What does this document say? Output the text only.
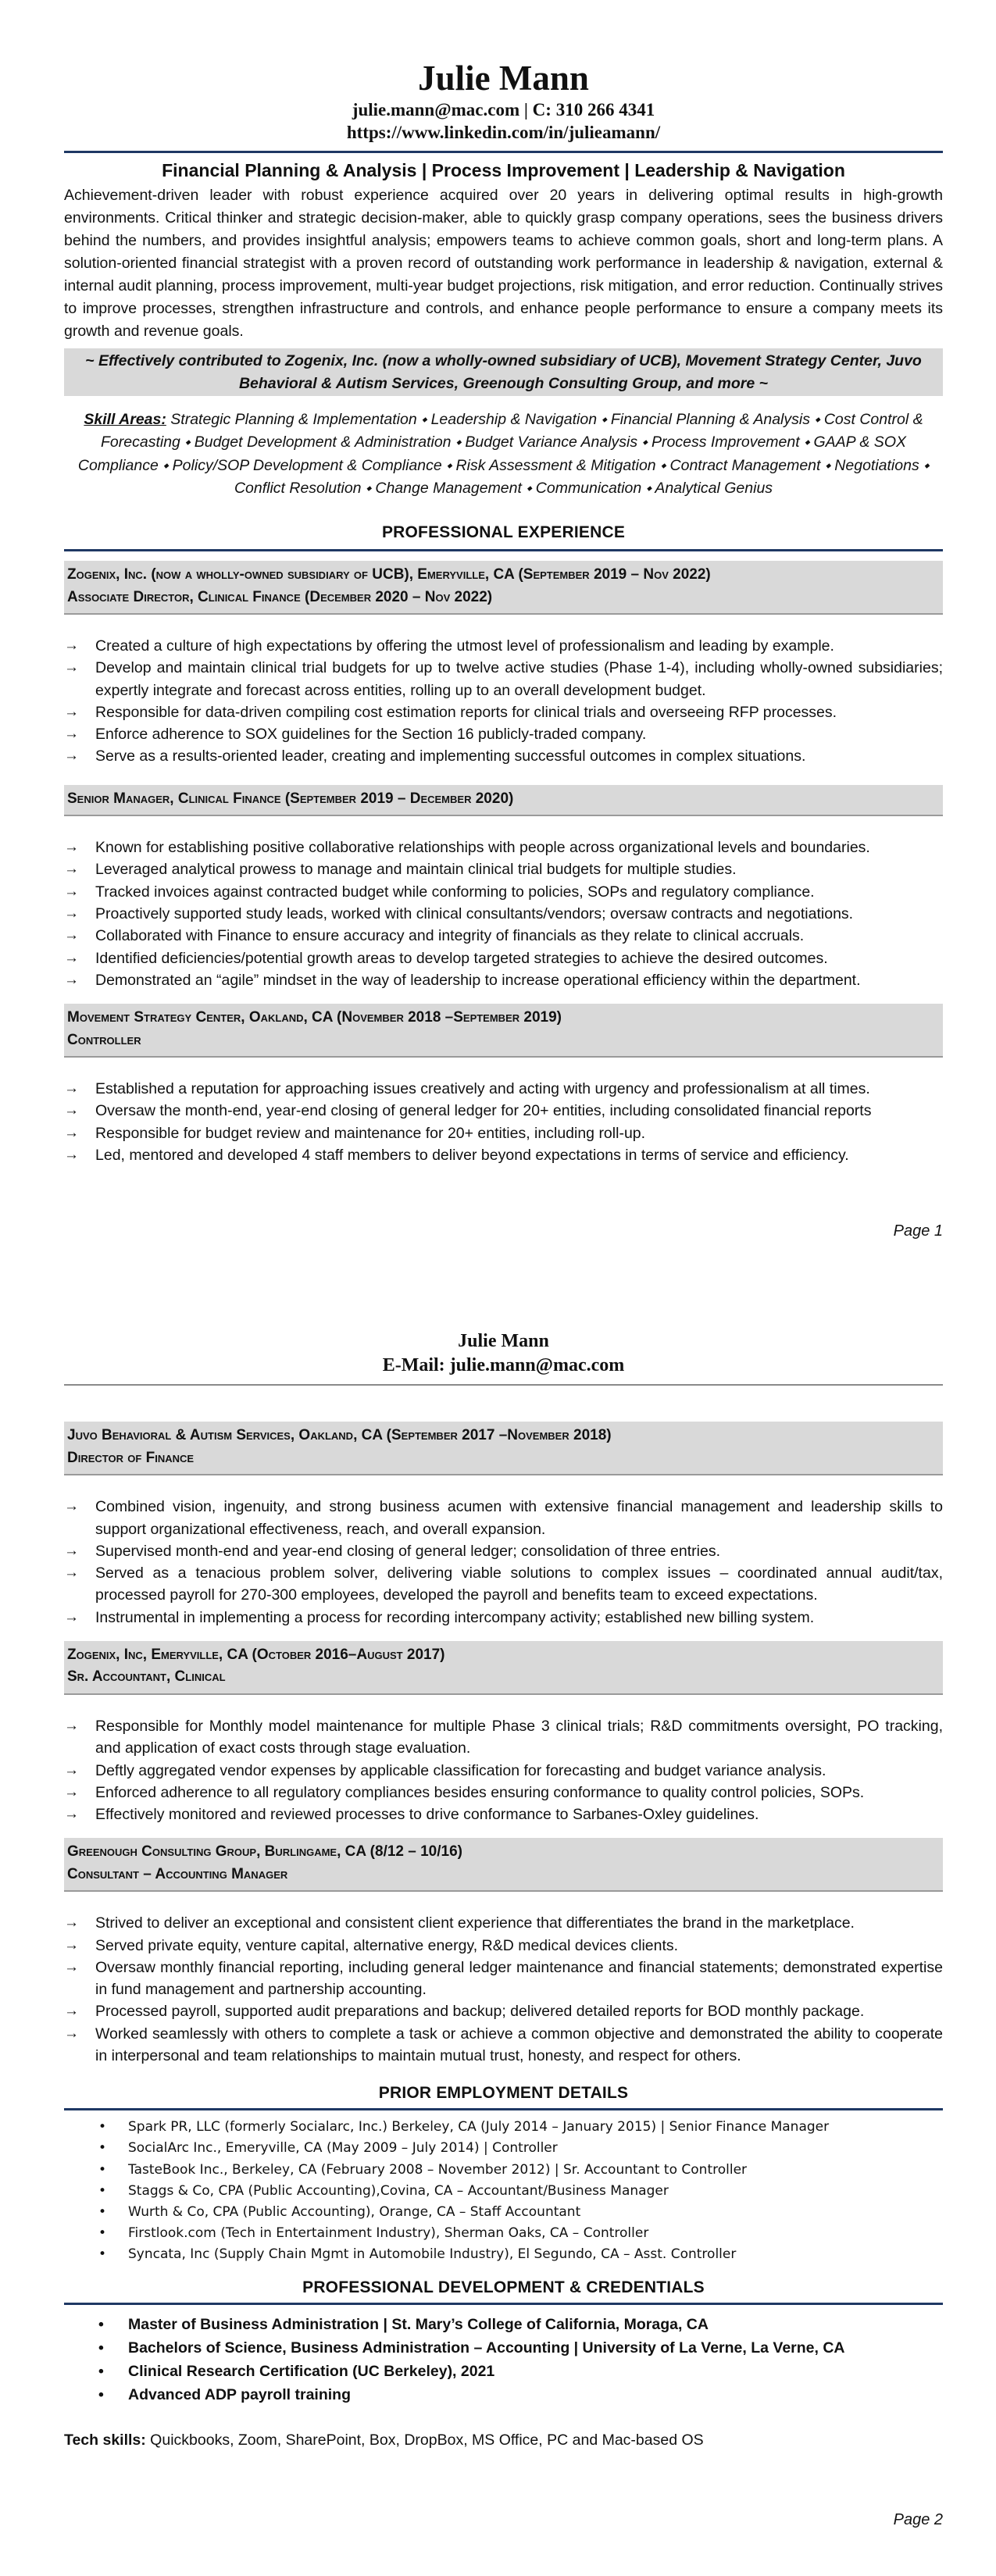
Julie Mann
julie.mann@mac.com | C: 310 266 4341
https://www.linkedin.com/in/julieamann/
Financial Planning & Analysis | Process Improvement | Leadership & Navigation
Achievement-driven leader with robust experience acquired over 20 years in delivering optimal results in high-growth environments. Critical thinker and strategic decision-maker, able to quickly grasp company operations, sees the business drivers behind the numbers, and provides insightful analysis; empowers teams to achieve common goals, short and long-term plans. A solution-oriented financial strategist with a proven record of outstanding work performance in leadership & navigation, external & internal audit planning, process improvement, multi-year budget projections, risk mitigation, and error reduction. Continually strives to improve processes, strengthen infrastructure and controls, and enhance people performance to ensure a company meets its growth and revenue goals.
~ Effectively contributed to Zogenix, Inc. (now a wholly-owned subsidiary of UCB), Movement Strategy Center, Juvo Behavioral & Autism Services, Greenough Consulting Group, and more ~
Skill Areas: Strategic Planning & Implementation ⬩ Leadership & Navigation ⬩ Financial Planning & Analysis ⬩ Cost Control & Forecasting ⬩ Budget Development & Administration ⬩ Budget Variance Analysis ⬩ Process Improvement ⬩ GAAP & SOX Compliance ⬩ Policy/SOP Development & Compliance ⬩ Risk Assessment & Mitigation ⬩ Contract Management ⬩ Negotiations ⬩ Conflict Resolution ⬩ Change Management ⬩ Communication ⬩ Analytical Genius
PROFESSIONAL EXPERIENCE
Zogenix, Inc. (now a wholly-owned subsidiary of UCB), Emeryville, CA (September 2019 – Nov 2022)
Associate Director, Clinical Finance (December 2020 – Nov 2022)
→ Created a culture of high expectations by offering the utmost level of professionalism and leading by example.
→ Develop and maintain clinical trial budgets for up to twelve active studies (Phase 1-4), including wholly-owned subsidiaries; expertly integrate and forecast across entities, rolling up to an overall development budget.
→ Responsible for data-driven compiling cost estimation reports for clinical trials and overseeing RFP processes.
→ Enforce adherence to SOX guidelines for the Section 16 publicly-traded company.
→ Serve as a results-oriented leader, creating and implementing successful outcomes in complex situations.
Senior Manager, Clinical Finance (September 2019 – December 2020)
→ Known for establishing positive collaborative relationships with people across organizational levels and boundaries.
→ Leveraged analytical prowess to manage and maintain clinical trial budgets for multiple studies.
→ Tracked invoices against contracted budget while conforming to policies, SOPs and regulatory compliance.
→ Proactively supported study leads, worked with clinical consultants/vendors; oversaw contracts and negotiations.
→ Collaborated with Finance to ensure accuracy and integrity of financials as they relate to clinical accruals.
→ Identified deficiencies/potential growth areas to develop targeted strategies to achieve the desired outcomes.
→ Demonstrated an “agile” mindset in the way of leadership to increase operational efficiency within the department.
Movement Strategy Center, Oakland, CA (November 2018 –September 2019)
Controller
→ Established a reputation for approaching issues creatively and acting with urgency and professionalism at all times.
→ Oversaw the month-end, year-end closing of general ledger for 20+ entities, including consolidated financial reports
→ Responsible for budget review and maintenance for 20+ entities, including roll-up.
→ Led, mentored and developed 4 staff members to deliver beyond expectations in terms of service and efficiency.
Page 1
Julie Mann
E-Mail: julie.mann@mac.com
Juvo Behavioral & Autism Services, Oakland, CA (September 2017 –November 2018)
Director of Finance
→ Combined vision, ingenuity, and strong business acumen with extensive financial management and leadership skills to support organizational effectiveness, reach, and overall expansion.
→ Supervised month-end and year-end closing of general ledger; consolidation of three entries.
→ Served as a tenacious problem solver, delivering viable solutions to complex issues – coordinated annual audit/tax, processed payroll for 270-300 employees, developed the payroll and benefits team to exceed expectations.
→ Instrumental in implementing a process for recording intercompany activity; established new billing system.
Zogenix, Inc, Emeryville, CA (October 2016–August 2017)
Sr. Accountant, Clinical
→ Responsible for Monthly model maintenance for multiple Phase 3 clinical trials; R&D commitments oversight, PO tracking, and application of exact costs through stage evaluation.
→ Deftly aggregated vendor expenses by applicable classification for forecasting and budget variance analysis.
→ Enforced adherence to all regulatory compliances besides ensuring conformance to quality control policies, SOPs.
→ Effectively monitored and reviewed processes to drive conformance to Sarbanes-Oxley guidelines.
Greenough Consulting Group, Burlingame, CA (8/12 – 10/16)
Consultant – Accounting Manager
→ Strived to deliver an exceptional and consistent client experience that differentiates the brand in the marketplace.
→ Served private equity, venture capital, alternative energy, R&D medical devices clients.
→ Oversaw monthly financial reporting, including general ledger maintenance and financial statements; demonstrated expertise in fund management and partnership accounting.
→ Processed payroll, supported audit preparations and backup; delivered detailed reports for BOD monthly package.
→ Worked seamlessly with others to complete a task or achieve a common objective and demonstrated the ability to cooperate in interpersonal and team relationships to maintain mutual trust, honesty, and respect for others.
PRIOR EMPLOYMENT DETAILS
• Spark PR, LLC (formerly Socialarc, Inc.) Berkeley, CA (July 2014 – January 2015) | Senior Finance Manager
• SocialArc Inc., Emeryville, CA (May 2009 – July 2014) | Controller
• TasteBook Inc., Berkeley, CA (February 2008 – November 2012) | Sr. Accountant to Controller
• Staggs & Co, CPA (Public Accounting),Covina, CA – Accountant/Business Manager
• Wurth & Co, CPA (Public Accounting), Orange, CA – Staff Accountant
• Firstlook.com (Tech in Entertainment Industry), Sherman Oaks, CA – Controller
• Syncata, Inc (Supply Chain Mgmt in Automobile Industry), El Segundo, CA – Asst. Controller
PROFESSIONAL DEVELOPMENT & CREDENTIALS
• Master of Business Administration | St. Mary’s College of California, Moraga, CA
• Bachelors of Science, Business Administration – Accounting | University of La Verne, La Verne, CA
• Clinical Research Certification (UC Berkeley), 2021
• Advanced ADP payroll training
Tech skills: Quickbooks, Zoom, SharePoint, Box, DropBox, MS Office, PC and Mac-based OS
Page 2
